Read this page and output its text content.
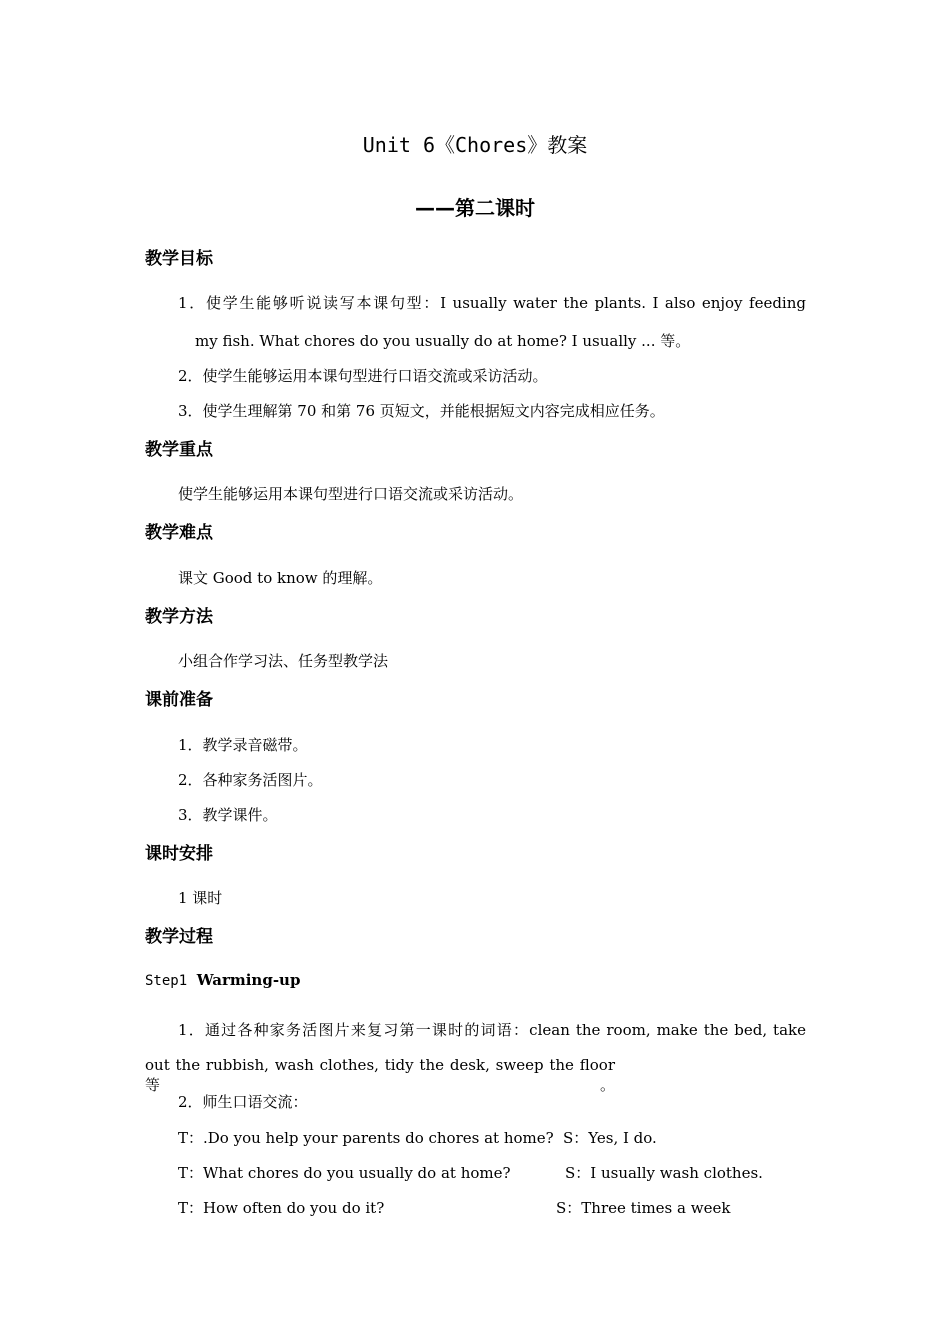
Unit 6《Chores》教案
——第二课时
教学目标
1．使学生能够听说读写本课句型：I usually water the plants. I also enjoy feeding
my fish. What chores do you usually do at home? I usually ... 等。
2．使学生能够运用本课句型进行口语交流或采访活动。
3．使学生理解第 70 和第 76 页短文，并能根据短文内容完成相应任务。
教学重点
使学生能够运用本课句型进行口语交流或采访活动。
教学难点
课文 Good to know 的理解。
教学方法
小组合作学习法、任务型教学法
课前准备
1．教学录音磁带。
2．各种家务活图片。
3．教学课件。
课时安排
1 课时
教学过程
Step1 Warming-up
1．通过各种家务活图片来复习第一课时的词语：clean the room, make the bed, take
out the rubbish, wash clothes, tidy the desk, sweep the floor 等。
2．师生口语交流：
T：.Do you help your parents do chores at home? S：Yes, I do.
T：What chores do you usually do at home?	S：I usually wash clothes.
T：How often do you do it?	S：Three times a week
